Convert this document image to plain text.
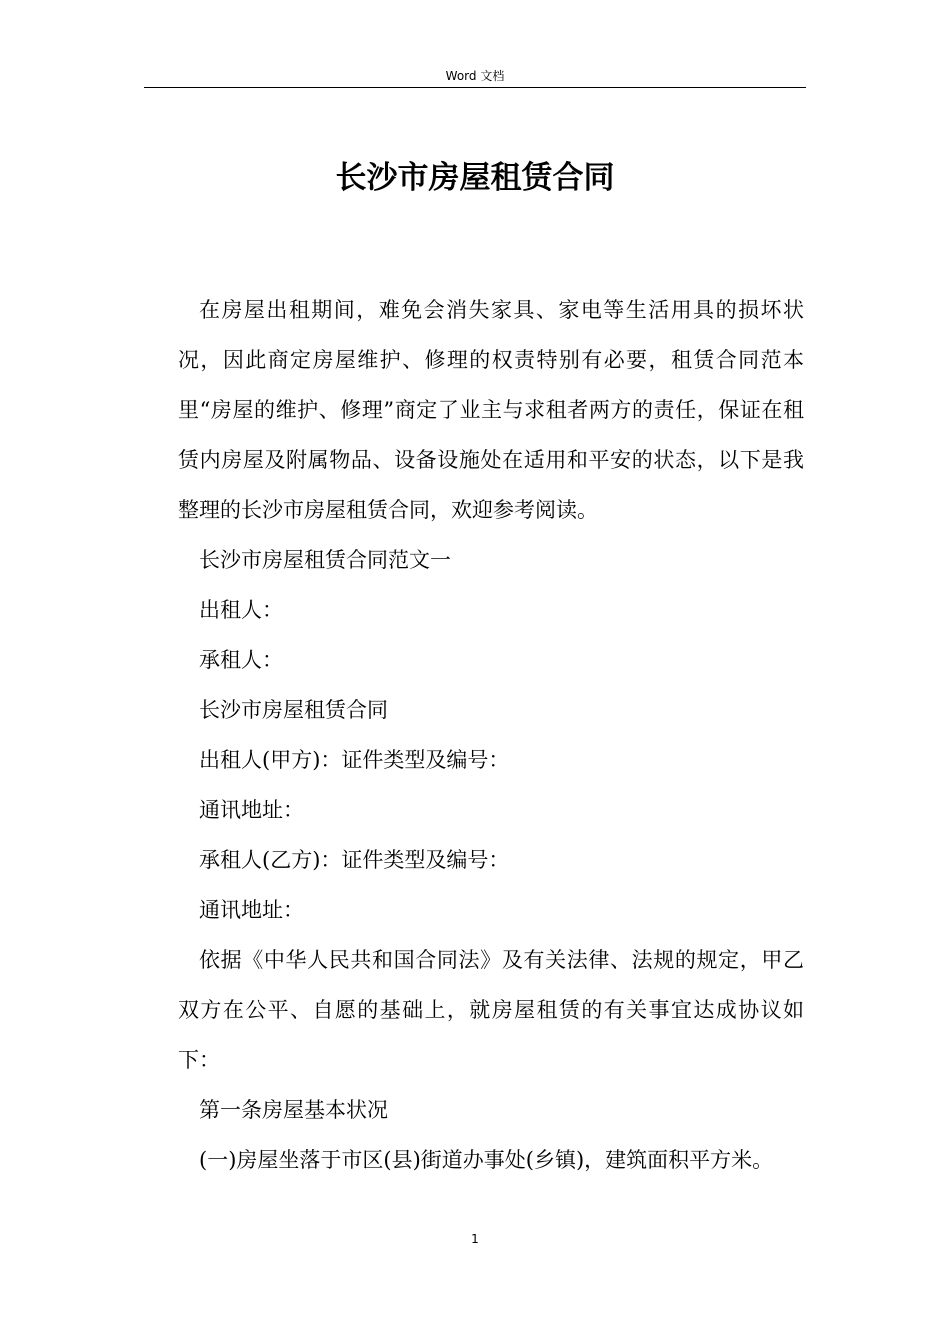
Word 文档
长沙市房屋租赁合同

在房屋出租期间，难免会消失家具、家电等生活用具的损坏状况，因此商定房屋维护、修理的权责特别有必要，租赁合同范本里“房屋的维护、修理”商定了业主与求租者两方的责任，保证在租赁内房屋及附属物品、设备设施处在适用和平安的状态，以下是我整理的长沙市房屋租赁合同，欢迎参考阅读。

长沙市房屋租赁合同范文一

出租人：

承租人：

长沙市房屋租赁合同

出租人(甲方)：证件类型及编号：

通讯地址：

承租人(乙方)：证件类型及编号：

通讯地址：

依据《中华人民共和国合同法》及有关法律、法规的规定，甲乙双方在公平、自愿的基础上，就房屋租赁的有关事宜达成协议如下：

第一条房屋基本状况

(一)房屋坐落于市区(县)街道办事处(乡镇)，建筑面积平方米。

1
